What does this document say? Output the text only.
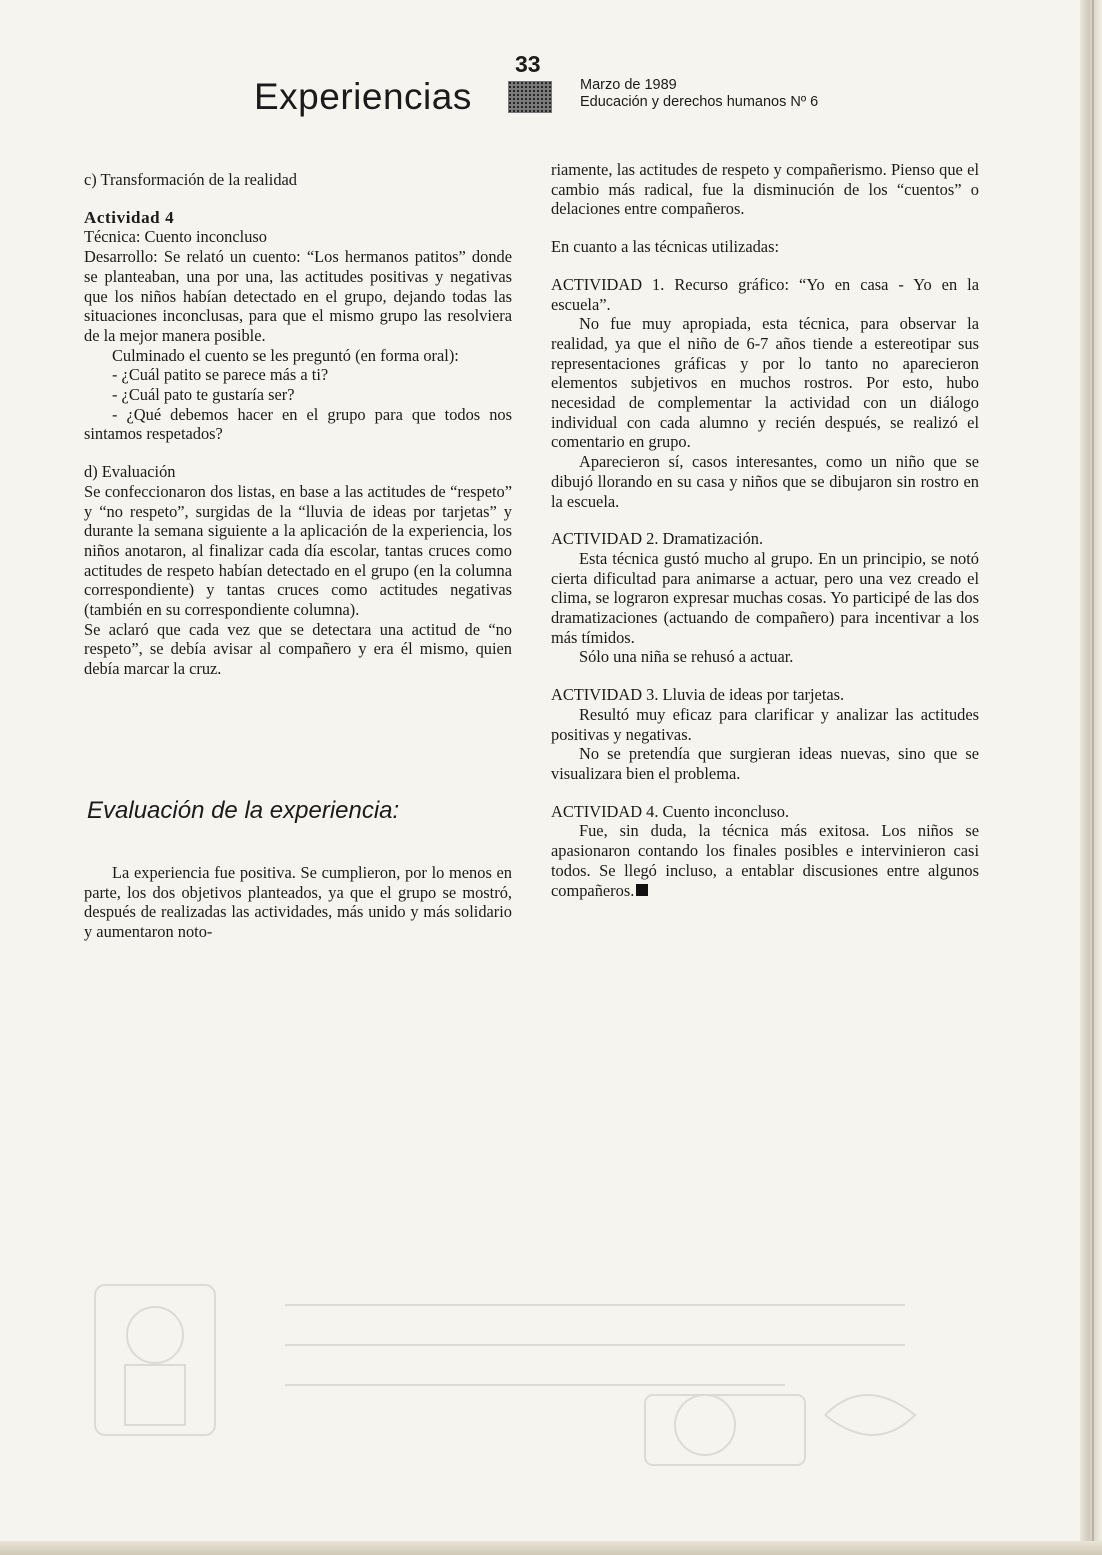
33
Experiencias	Marzo de 1989
Educación y derechos humanos Nº 6

c) Transformación de la realidad

Actividad 4

Técnica: Cuento inconcluso

Desarrollo: Se relató un cuento: “Los hermanos patitos” donde se planteaban, una por una, las actitudes positivas y negativas que los niños habían detectado en el grupo, dejando todas las situaciones inconclusas, para que el mismo grupo las resolviera de la mejor manera posible.

Culminado el cuento se les preguntó (en forma oral):

- ¿Cuál patito se parece más a ti?

- ¿Cuál pato te gustaría ser?

- ¿Qué debemos hacer en el grupo para que todos nos sintamos respetados?

d) Evaluación

Se confeccionaron dos listas, en base a las actitudes de “respeto” y “no respeto”, surgidas de la “lluvia de ideas por tarjetas” y durante la semana siguiente a la aplicación de la experiencia, los niños anotaron, al finalizar cada día escolar, tantas cruces como actitudes de respeto habían detectado en el grupo (en la columna correspondiente) y tantas cruces como actitudes negativas (también en su correspondiente columna).

Se aclaró que cada vez que se detectara una actitud de “no respeto”, se debía avisar al compañero y era él mismo, quien debía marcar la cruz.

Evaluación de la experiencia:

La experiencia fue positiva. Se cumplieron, por lo menos en parte, los dos objetivos planteados, ya que el grupo se mostró, después de realizadas las actividades, más unido y más solidario y aumentaron noto-

riamente, las actitudes de respeto y compañerismo. Pienso que el cambio más radical, fue la disminución de los “cuentos” o delaciones entre compañeros.

En cuanto a las técnicas utilizadas:

ACTIVIDAD 1. Recurso gráfico: “Yo en casa - Yo en la escuela”.

No fue muy apropiada, esta técnica, para observar la realidad, ya que el niño de 6-7 años tiende a estereotipar sus representaciones gráficas y por lo tanto no aparecieron elementos subjetivos en muchos rostros. Por esto, hubo necesidad de complementar la actividad con un diálogo individual con cada alumno y recién después, se realizó el comentario en grupo.

Aparecieron sí, casos interesantes, como un niño que se dibujó llorando en su casa y niños que se dibujaron sin rostro en la escuela.

ACTIVIDAD 2. Dramatización.

Esta técnica gustó mucho al grupo. En un principio, se notó cierta dificultad para animarse a actuar, pero una vez creado el clima, se lograron expresar muchas cosas. Yo participé de las dos dramatizaciones (actuando de compañero) para incentivar a los más tímidos.

Sólo una niña se rehusó a actuar.

ACTIVIDAD 3. Lluvia de ideas por tarjetas.

Resultó muy eficaz para clarificar y analizar las actitudes positivas y negativas.

No se pretendía que surgieran ideas nuevas, sino que se visualizara bien el problema.

ACTIVIDAD 4. Cuento inconcluso.

Fue, sin duda, la técnica más exitosa. Los niños se apasionaron contando los finales posibles e intervinieron casi todos. Se llegó incluso, a entablar discusiones entre algunos compañeros.
